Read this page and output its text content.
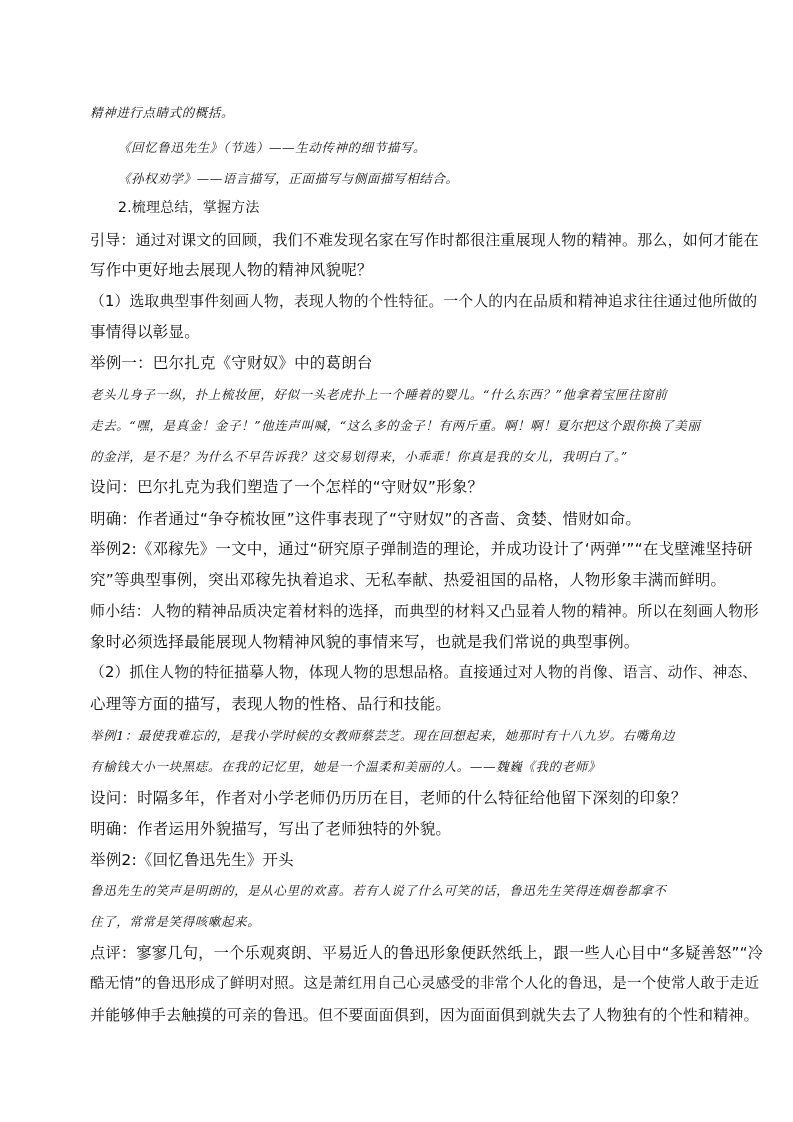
精神进行点睛式的概括。
《回忆鲁迅先生》（节选）——生动传神的细节描写。
《孙权劝学》——语言描写，正面描写与侧面描写相结合。
2.梳理总结，掌握方法
引导：通过对课文的回顾，我们不难发现名家在写作时都很注重展现人物的精神。那么，如何才能在
写作中更好地去展现人物的精神风貌呢？
（1）选取典型事件刻画人物，表现人物的个性特征。一个人的内在品质和精神追求往往通过他所做的
事情得以彰显。
举例一：巴尔扎克《守财奴》中的葛朗台
老头儿身子一纵，扑上梳妆匣，好似一头老虎扑上一个睡着的婴儿。“什么东西？”他拿着宝匣往窗前
走去。“嘿，是真金！金子！”他连声叫喊，“这么多的金子！有两斤重。啊！啊！夏尔把这个跟你换了美丽
的金洋，是不是？为什么不早告诉我？这交易划得来，小乖乖！你真是我的女儿，我明白了。”
设问：巴尔扎克为我们塑造了一个怎样的“守财奴”形象？
明确：作者通过“争夺梳妆匣”这件事表现了“守财奴”的吝啬、贪婪、惜财如命。
举例2:《邓稼先》一文中，通过“研究原子弹制造的理论，并成功设计了‘两弹’”“在戈壁滩坚持研
究”等典型事例，突出邓稼先执着追求、无私奉献、热爱祖国的品格，人物形象丰满而鲜明。
师小结：人物的精神品质决定着材料的选择，而典型的材料又凸显着人物的精神。所以在刻画人物形
象时必须选择最能展现人物精神风貌的事情来写，也就是我们常说的典型事例。
（2）抓住人物的特征描摹人物，体现人物的思想品格。直接通过对人物的肖像、语言、动作、神态、
心理等方面的描写，表现人物的性格、品行和技能。
举例1：最使我难忘的，是我小学时候的女教师蔡芸芝。现在回想起来，她那时有十八九岁。右嘴角边
有榆钱大小一块黑痣。在我的记忆里，她是一个温柔和美丽的人。——魏巍《我的老师》
设问：时隔多年，作者对小学老师仍历历在目，老师的什么特征给他留下深刻的印象？
明确：作者运用外貌描写，写出了老师独特的外貌。
举例2:《回忆鲁迅先生》开头
鲁迅先生的笑声是明朗的，是从心里的欢喜。若有人说了什么可笑的话，鲁迅先生笑得连烟卷都拿不
住了，常常是笑得咳嗽起来。
点评：寥寥几句，一个乐观爽朗、平易近人的鲁迅形象便跃然纸上，跟一些人心目中“多疑善怒”“冷
酷无情”的鲁迅形成了鲜明对照。这是萧红用自己心灵感受的非常个人化的鲁迅，是一个使常人敢于走近
并能够伸手去触摸的可亲的鲁迅。但不要面面俱到，因为面面俱到就失去了人物独有的个性和精神。
